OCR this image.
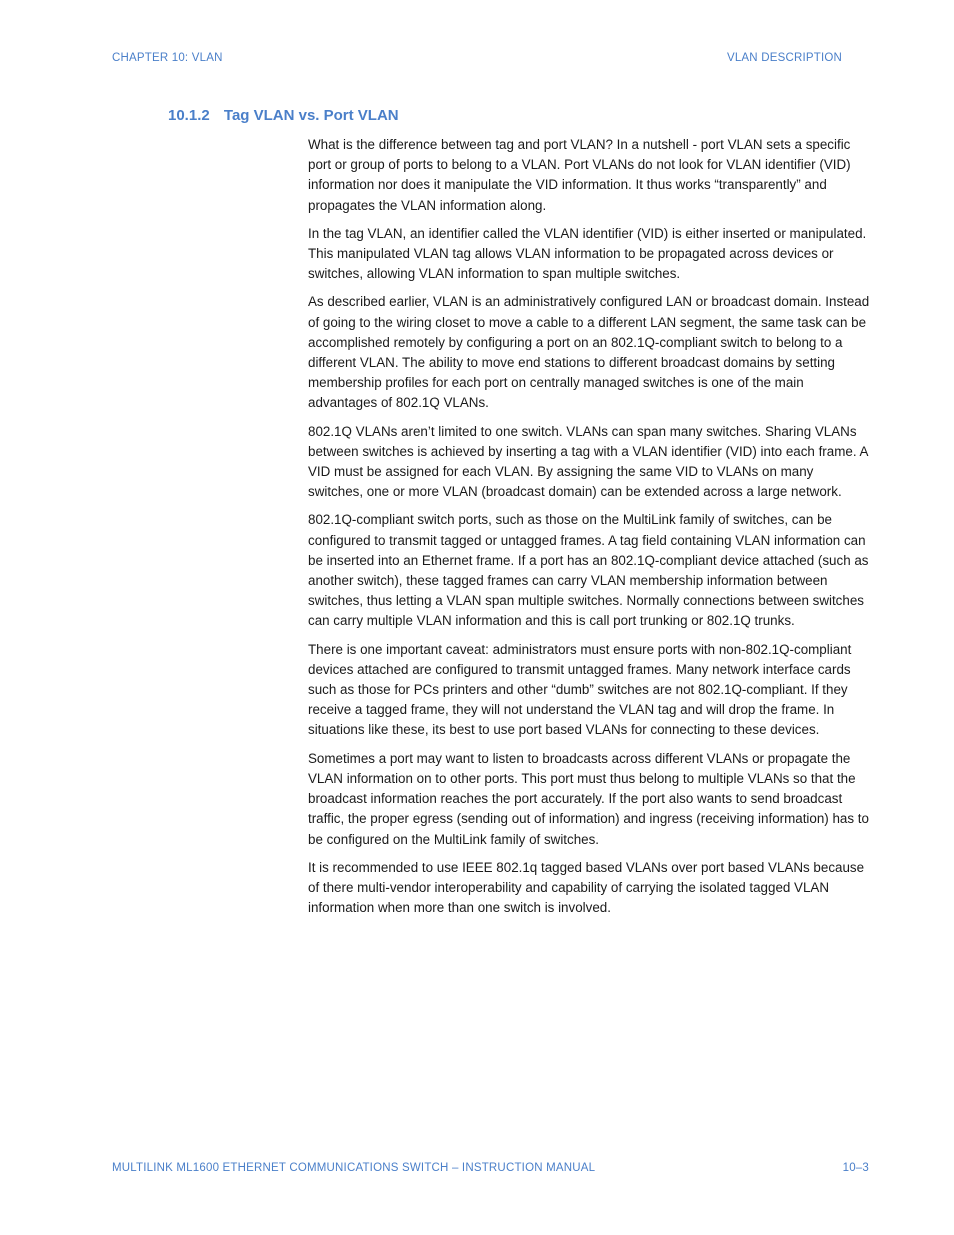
CHAPTER 10: VLAN	VLAN DESCRIPTION
10.1.2 Tag VLAN vs. Port VLAN

What is the difference between tag and port VLAN? In a nutshell - port VLAN sets a specific port or group of ports to belong to a VLAN. Port VLANs do not look for VLAN identifier (VID) information nor does it manipulate the VID information. It thus works “transparently” and propagates the VLAN information along.

In the tag VLAN, an identifier called the VLAN identifier (VID) is either inserted or manipulated. This manipulated VLAN tag allows VLAN information to be propagated across devices or switches, allowing VLAN information to span multiple switches.

As described earlier, VLAN is an administratively configured LAN or broadcast domain. Instead of going to the wiring closet to move a cable to a different LAN segment, the same task can be accomplished remotely by configuring a port on an 802.1Q-compliant switch to belong to a different VLAN. The ability to move end stations to different broadcast domains by setting membership profiles for each port on centrally managed switches is one of the main advantages of 802.1Q VLANs.

802.1Q VLANs aren’t limited to one switch. VLANs can span many switches. Sharing VLANs between switches is achieved by inserting a tag with a VLAN identifier (VID) into each frame. A VID must be assigned for each VLAN. By assigning the same VID to VLANs on many switches, one or more VLAN (broadcast domain) can be extended across a large network.

802.1Q-compliant switch ports, such as those on the MultiLink family of switches, can be configured to transmit tagged or untagged frames. A tag field containing VLAN information can be inserted into an Ethernet frame. If a port has an 802.1Q-compliant device attached (such as another switch), these tagged frames can carry VLAN membership information between switches, thus letting a VLAN span multiple switches. Normally connections between switches can carry multiple VLAN information and this is call port trunking or 802.1Q trunks.

There is one important caveat: administrators must ensure ports with non-802.1Q-compliant devices attached are configured to transmit untagged frames. Many network interface cards such as those for PCs printers and other “dumb” switches are not 802.1Q-compliant. If they receive a tagged frame, they will not understand the VLAN tag and will drop the frame. In situations like these, its best to use port based VLANs for connecting to these devices.

Sometimes a port may want to listen to broadcasts across different VLANs or propagate the VLAN information on to other ports. This port must thus belong to multiple VLANs so that the broadcast information reaches the port accurately. If the port also wants to send broadcast traffic, the proper egress (sending out of information) and ingress (receiving information) has to be configured on the MultiLink family of switches.

It is recommended to use IEEE 802.1q tagged based VLANs over port based VLANs because of there multi-vendor interoperability and capability of carrying the isolated tagged VLAN information when more than one switch is involved.

MULTILINK ML1600 ETHERNET COMMUNICATIONS SWITCH – INSTRUCTION MANUAL	10–3
